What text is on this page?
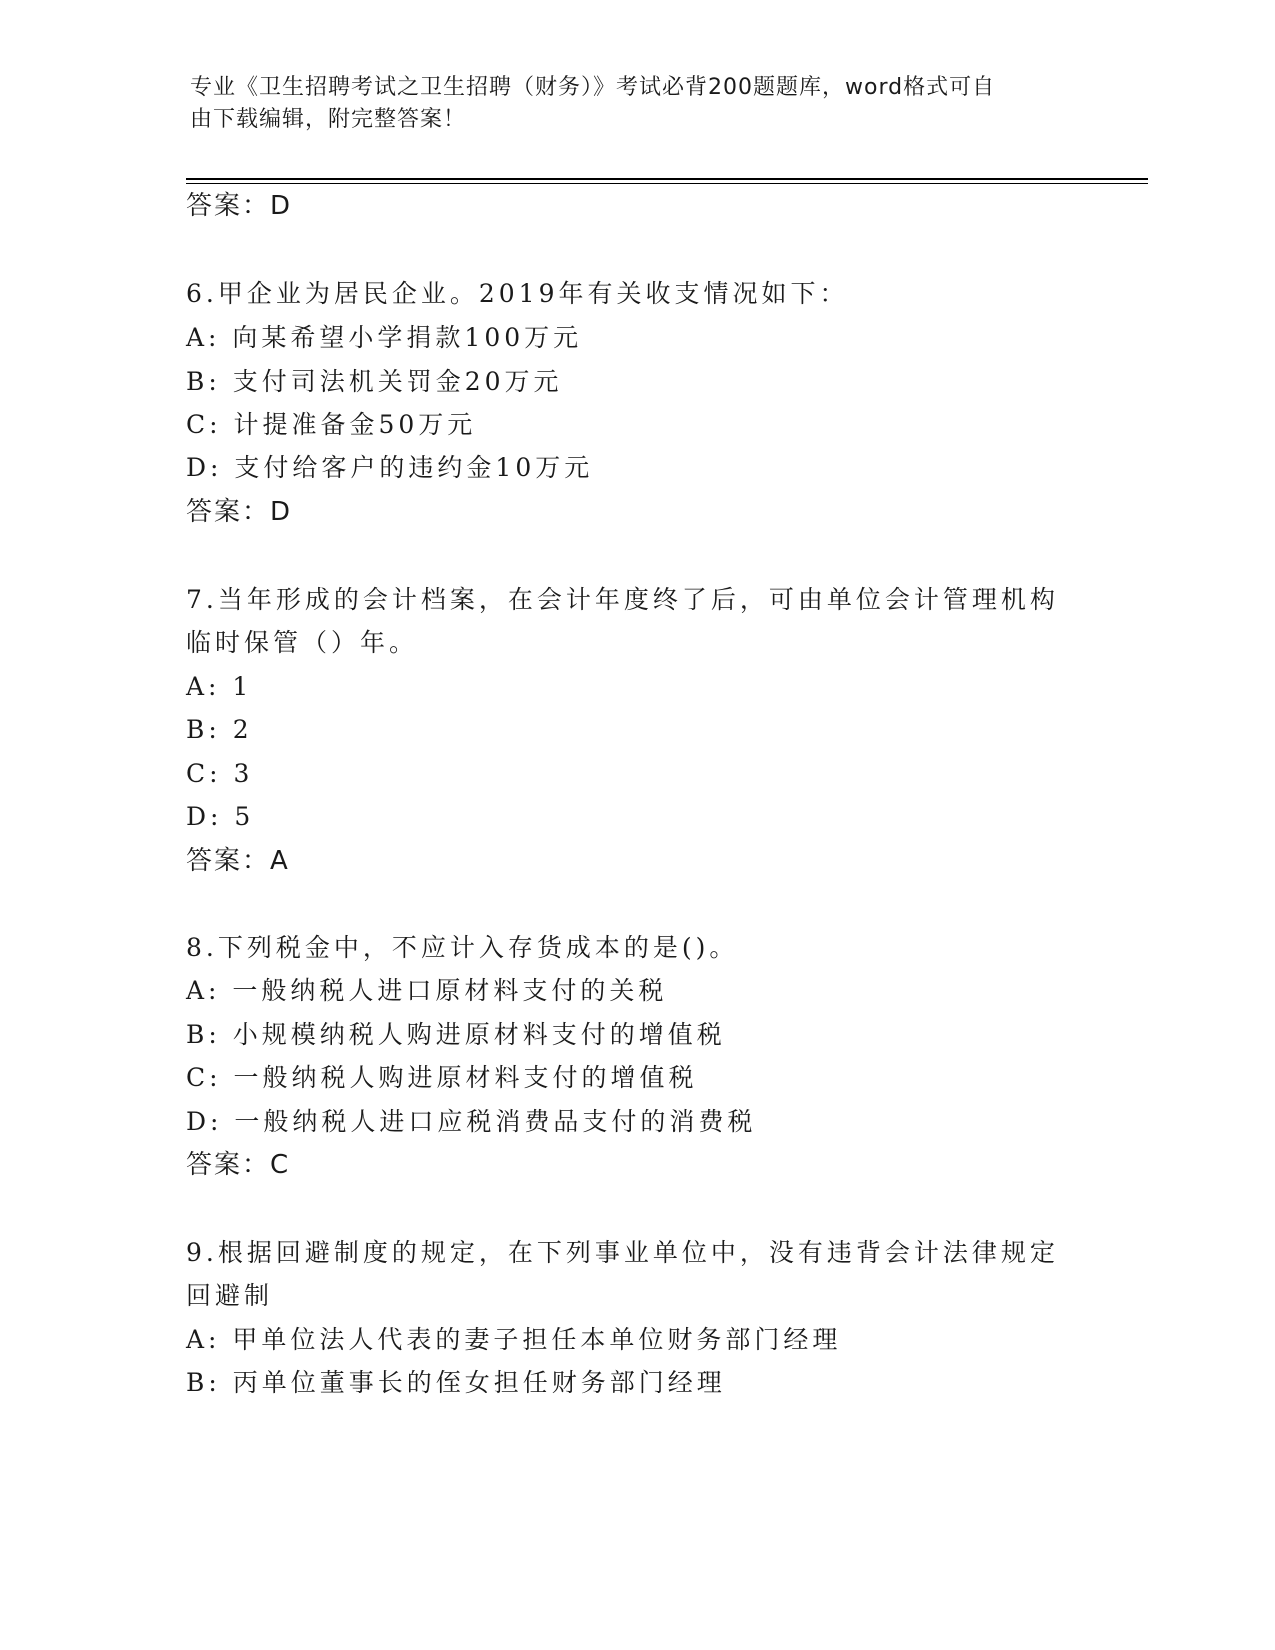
专业《卫生招聘考试之卫生招聘（财务）》考试必背200题题库，word格式可自
由下载编辑，附完整答案！
答案：D
6.甲企业为居民企业。2019年有关收支情况如下：
A: 向某希望小学捐款100万元
B: 支付司法机关罚金20万元
C: 计提准备金50万元
D: 支付给客户的违约金10万元
答案：D
7.当年形成的会计档案，在会计年度终了后，可由单位会计管理机构
临时保管（）年。
A: 1
B: 2
C: 3
D: 5
答案：A
8.下列税金中，不应计入存货成本的是()。
A: 一般纳税人进口原材料支付的关税
B: 小规模纳税人购进原材料支付的增值税
C: 一般纳税人购进原材料支付的增值税
D: 一般纳税人进口应税消费品支付的消费税
答案：C
9.根据回避制度的规定，在下列事业单位中，没有违背会计法律规定
回避制
A: 甲单位法人代表的妻子担任本单位财务部门经理
B: 丙单位董事长的侄女担任财务部门经理
